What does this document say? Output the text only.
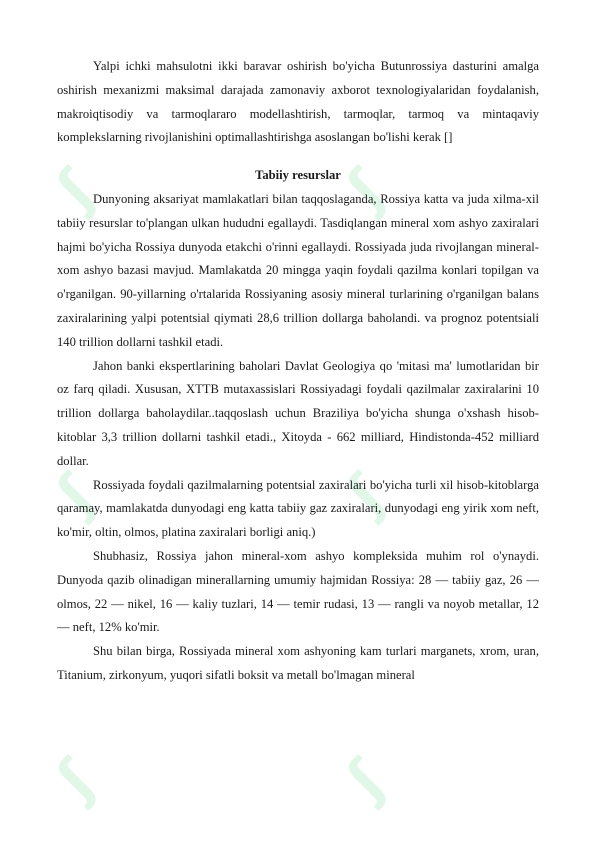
ʃ	ʃ
ʃ	ʃ
ʃ	ʃ

Yalpi ichki mahsulotni ikki baravar oshirish bo'yicha Butunrossiya dasturini amalga oshirish mexanizmi maksimal darajada zamonaviy axborot texnologiyalaridan foydalanish, makroiqtisodiy va tarmoqlararo modellashtirish, tarmoqlar, tarmoq va mintaqaviy komplekslarning rivojlanishini optimallashtirishga asoslangan bo'lishi kerak []

Tabiiy resurslar

Dunyoning aksariyat mamlakatlari bilan taqqoslaganda, Rossiya katta va juda xilma-xil tabiiy resurslar to'plangan ulkan hududni egallaydi. Tasdiqlangan mineral xom ashyo zaxiralari hajmi bo'yicha Rossiya dunyoda etakchi o'rinni egallaydi. Rossiyada juda rivojlangan mineral-xom ashyo bazasi mavjud. Mamlakatda 20 mingga yaqin foydali qazilma konlari topilgan va o'rganilgan. 90-yillarning o'rtalarida Rossiyaning asosiy mineral turlarining o'rganilgan balans zaxiralarining yalpi potentsial qiymati 28,6 trillion dollarga baholandi. va prognoz potentsiali 140 trillion dollarni tashkil etadi.

Jahon banki ekspertlarining baholari Davlat Geologiya qo 'mitasi ma' lumotlaridan bir oz farq qiladi. Xususan, XTTB mutaxassislari Rossiyadagi foydali qazilmalar zaxiralarini 10 trillion dollarga baholaydilar..taqqoslash uchun Braziliya bo'yicha shunga o'xshash hisob-kitoblar 3,3 trillion dollarni tashkil etadi., Xitoyda - 662 milliard, Hindistonda-452 milliard dollar.

Rossiyada foydali qazilmalarning potentsial zaxiralari bo'yicha turli xil hisob-kitoblarga qaramay, mamlakatda dunyodagi eng katta tabiiy gaz zaxiralari, dunyodagi eng yirik xom neft, ko'mir, oltin, olmos, platina zaxiralari borligi aniq.)

Shubhasiz, Rossiya jahon mineral-xom ashyo kompleksida muhim rol o'ynaydi. Dunyoda qazib olinadigan minerallarning umumiy hajmidan Rossiya: 28 — tabiiy gaz, 26 —olmos, 22 — nikel, 16 — kaliy tuzlari, 14 — temir rudasi, 13 — rangli va noyob metallar, 12 — neft, 12% ko'mir.

Shu bilan birga, Rossiyada mineral xom ashyoning kam turlari marganets, xrom, uran, Titanium, zirkonyum, yuqori sifatli boksit va metall bo'lmagan mineral
